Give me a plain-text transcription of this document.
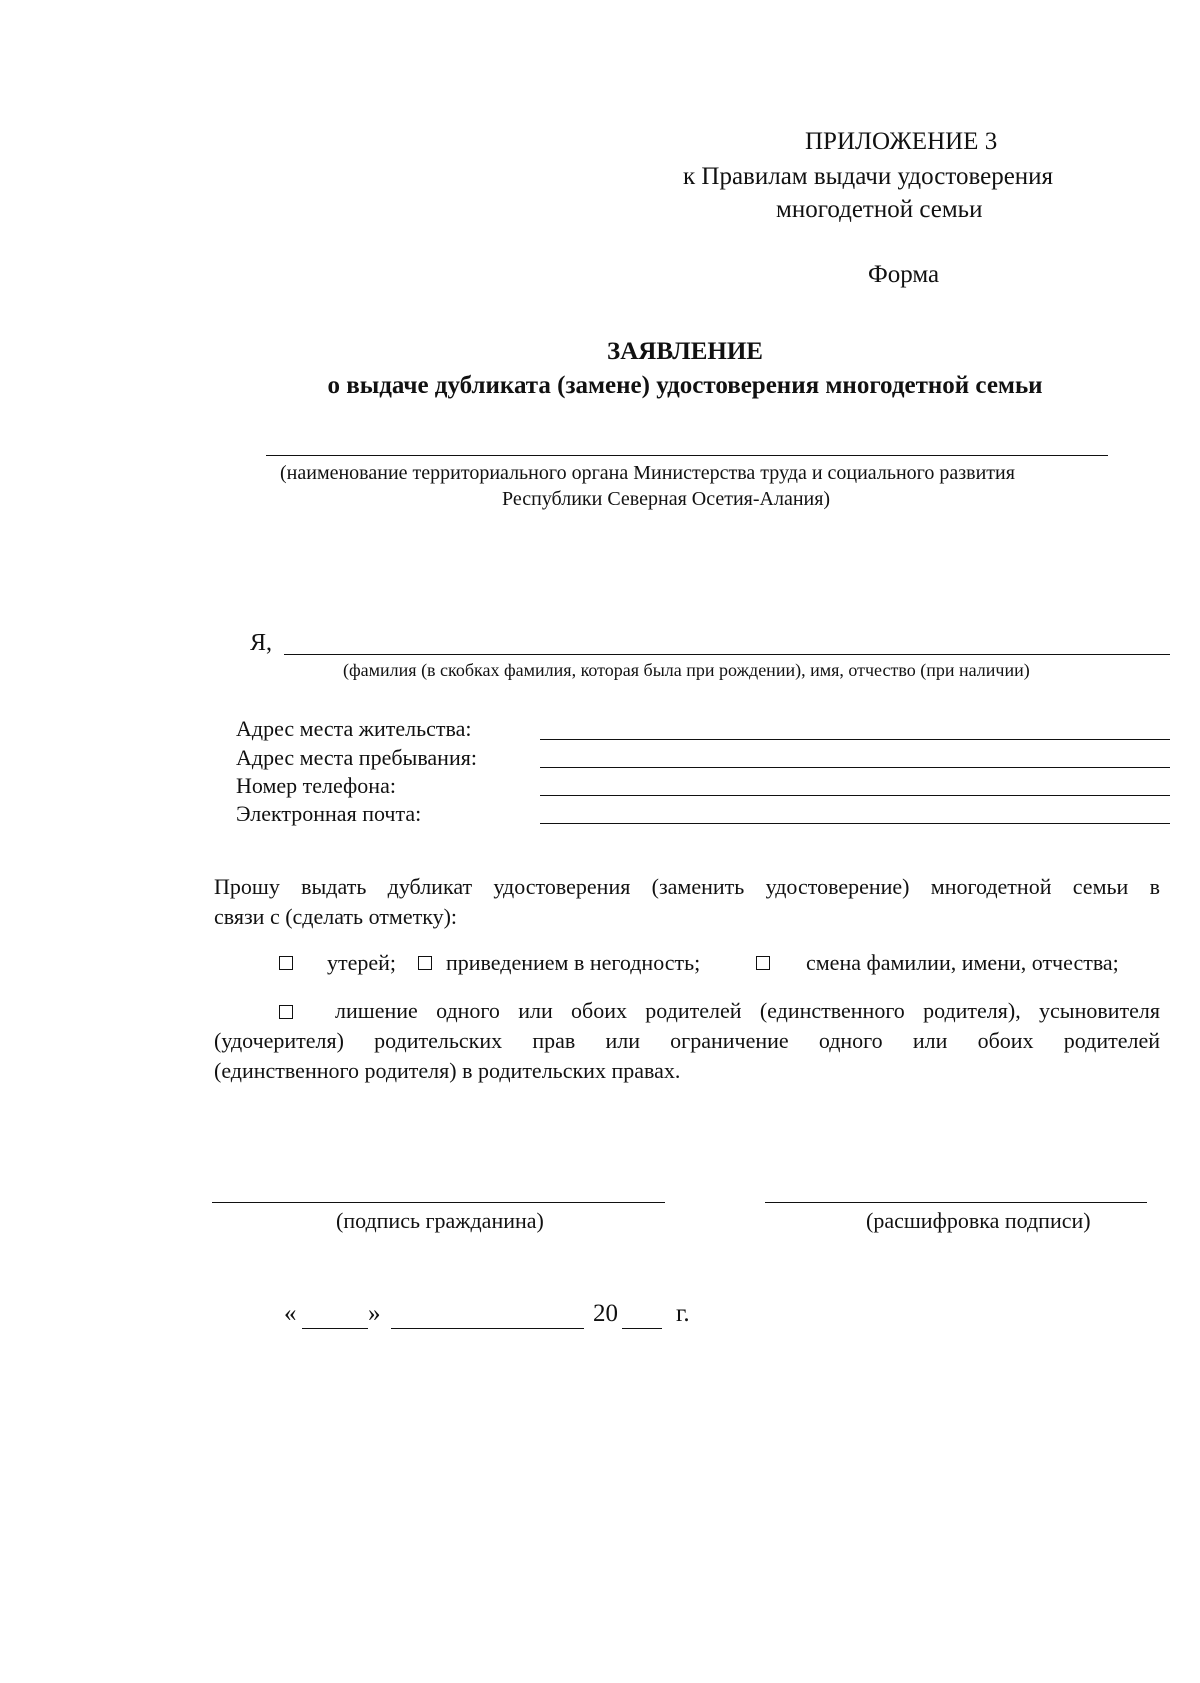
ПРИЛОЖЕНИЕ 3
к Правилам выдачи удостоверения
многодетной семьи
Форма
ЗАЯВЛЕНИЕ
о выдаче дубликата (замене) удостоверения многодетной семьи
(наименование территориального органа Министерства труда и социального развития
Республики Северная Осетия-Алания)
Я,
(фамилия (в скобках фамилия, которая была при рождении), имя, отчество (при наличии)
Адрес места жительства:
Адрес места пребывания:
Номер телефона:
Электронная почта:
Прошу выдать дубликат удостоверения (заменить удостоверение) многодетной семьи в
связи с (сделать отметку):
утерей; приведением в негодность;	смена фамилии, имени, отчества;
лишение одного или обоих родителей (единственного родителя), усыновителя
(удочерителя) родительских прав или ограничение одного или обоих родителей
(единственного родителя) в родительских правах.
(подпись гражданина)	(расшифровка подписи)
«	»	20 г.
